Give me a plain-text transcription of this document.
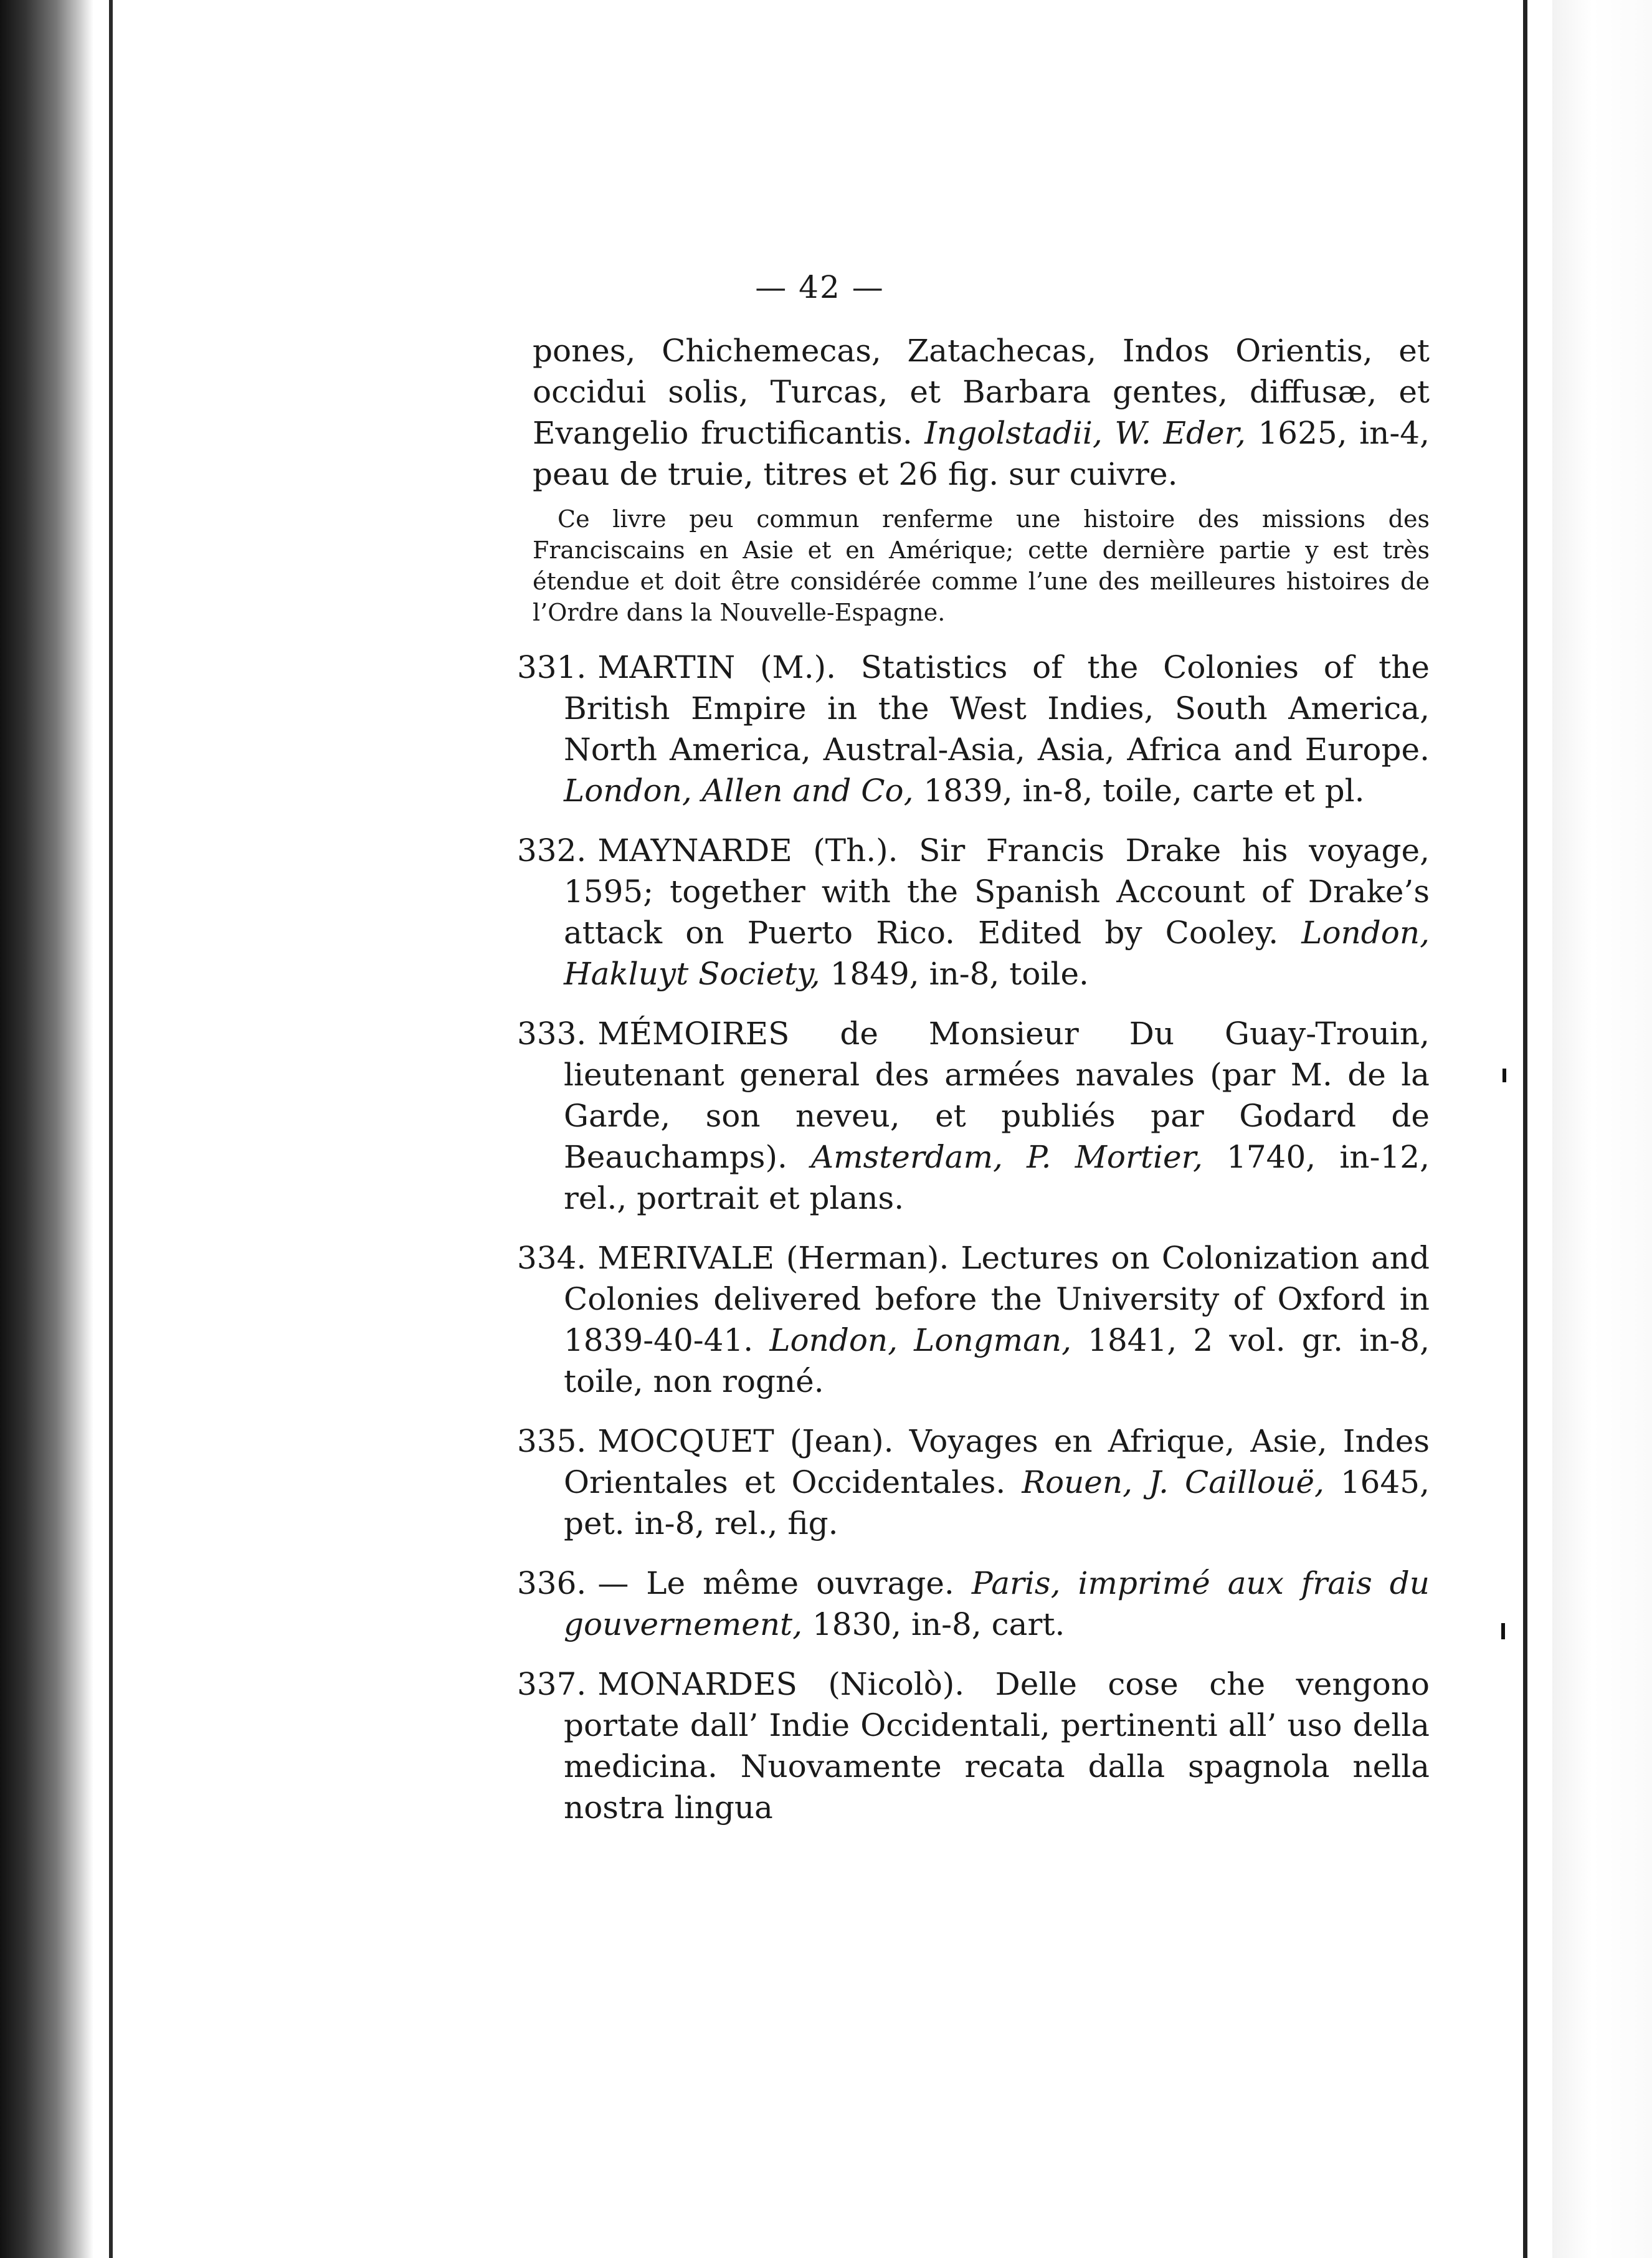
— 42 —

pones, Chichemecas, Zatachecas, Indos Orientis, et occidui solis, Turcas, et Barbara gentes, diffusæ, et Evangelio fructificantis. Ingolstadii, W. Eder, 1625, in-4, peau de truie, titres et 26 fig. sur cuivre.

Ce livre peu commun renferme une histoire des missions des Franciscains en Asie et en Amérique; cette dernière partie y est très étendue et doit être considérée comme l’une des meilleures histoires de l’Ordre dans la Nouvelle-Espagne.

331. MARTIN (M.). Statistics of the Colonies of the British Empire in the West Indies, South America, North America, Austral-Asia, Asia, Africa and Europe. London, Allen and Co, 1839, in-8, toile, carte et pl.

332. MAYNARDE (Th.). Sir Francis Drake his voyage, 1595; together with the Spanish Account of Drake’s attack on Puerto Rico. Edited by Cooley. London, Hakluyt Society, 1849, in-8, toile.

333. MÉMOIRES de Monsieur Du Guay-Trouin, lieutenant general des armées navales (par M. de la Garde, son neveu, et publiés par Godard de Beauchamps). Amsterdam, P. Mortier, 1740, in-12, rel., portrait et plans.

334. MERIVALE (Herman). Lectures on Colonization and Colonies delivered before the University of Oxford in 1839-40-41. London, Longman, 1841, 2 vol. gr. in-8, toile, non rogné.

335. MOCQUET (Jean). Voyages en Afrique, Asie, Indes Orientales et Occidentales. Rouen, J. Caillouë, 1645, pet. in-8, rel., fig.

336. — Le même ouvrage. Paris, imprimé aux frais du gouvernement, 1830, in-8, cart.

337. MONARDES (Nicolò). Delle cose che vengono portate dall’ Indie Occidentali, pertinenti all’ uso della medicina. Nuovamente recata dalla spagnola nella nostra lingua
